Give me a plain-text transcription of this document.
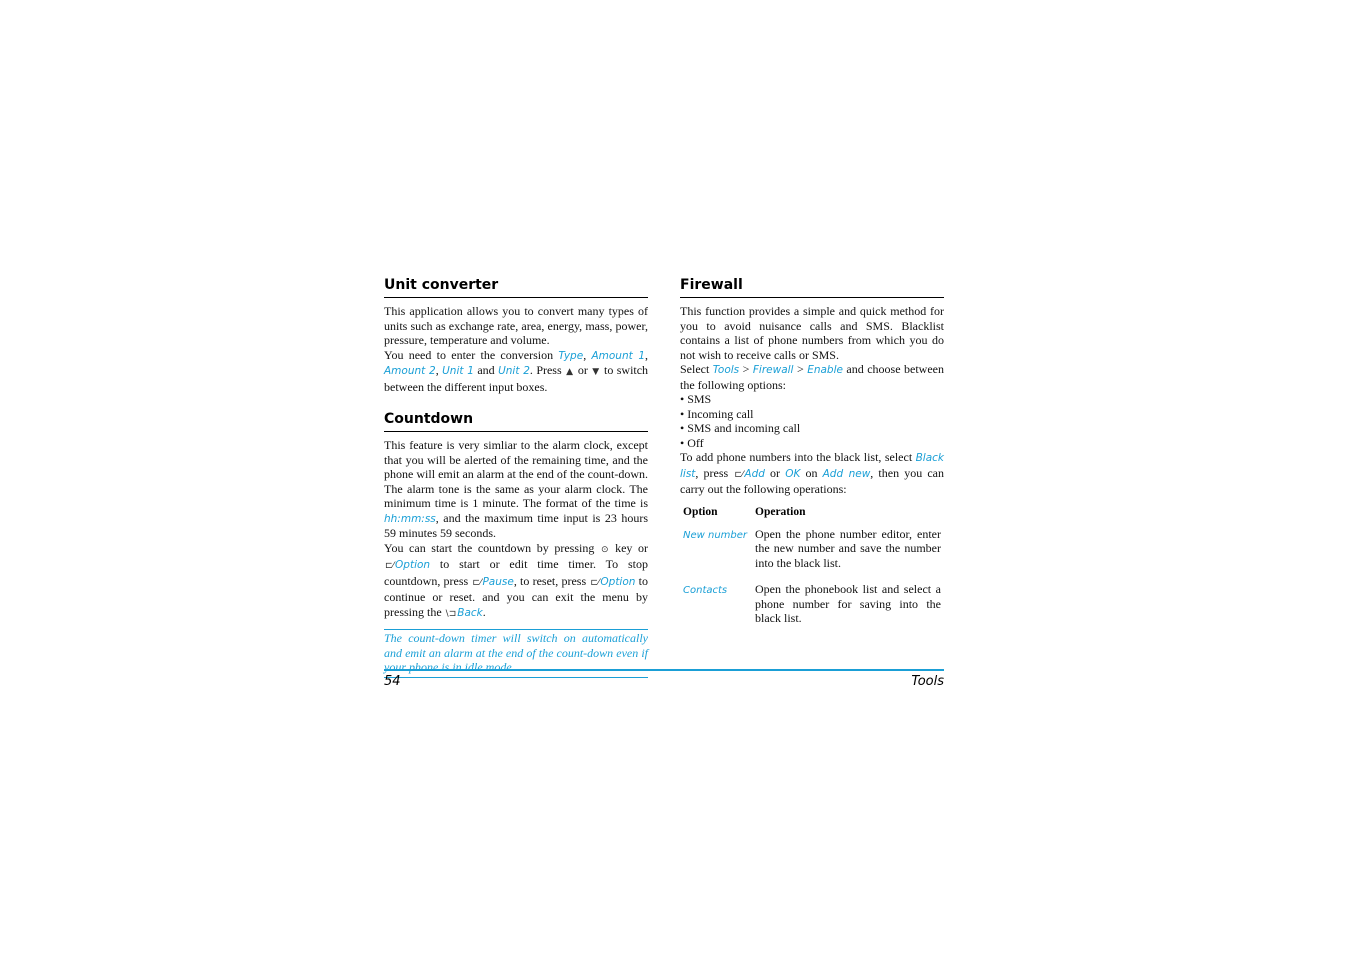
Unit converter

This application allows you to convert many types of units such as exchange rate, area, energy, mass, power, pressure, temperature and volume.

You need to enter the conversion Type, Amount 1, Amount 2, Unit 1 and Unit 2. Press ▲ or ▼ to switch between the different input boxes.

Countdown

This feature is very simliar to the alarm clock, except that you will be alerted of the remaining time, and the phone will emit an alarm at the end of the count-down. The alarm tone is the same as your alarm clock. The minimum time is 1 minute. The format of the time is hh:mm:ss, and the maximum time input is 23 hours 59 minutes 59 seconds.

You can start the countdown by pressing ⊙ key or ⊏⁄Option to start or edit time timer. To stop countdown, press ⊏⁄Pause, to reset, press ⊏⁄Option to continue or reset. and you can exit the menu by pressing the \⊐Back.

The count-down timer will switch on automatically and emit an alarm at the end of the count-down even if your phone is in idle mode.

Firewall

This function provides a simple and quick method for you to avoid nuisance calls and SMS. Blacklist contains a list of phone numbers from which you do not wish to receive calls or SMS.

Select Tools > Firewall > Enable and choose between the following options:

• SMS
• Incoming call
• SMS and incoming call
• Off

To add phone numbers into the black list, select Black list, press ⊏⁄Add or OK on Add new, then you can carry out the following operations:

Option	Operation
New number	Open the phone number editor, enter the new number and save the number into the black list.
Contacts	Open the phonebook list and select a phone number for saving into the black list.
54	Tools
